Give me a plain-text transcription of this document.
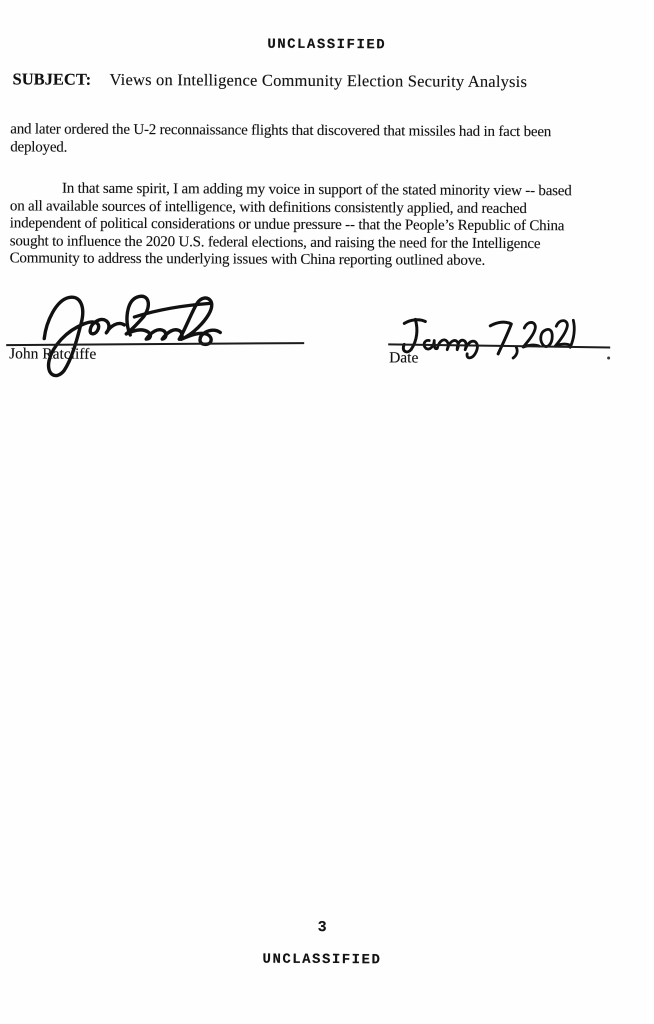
UNCLASSIFIED
SUBJECT: Views on Intelligence Community Election Security Analysis
and later ordered the U-2 reconnaissance flights that discovered that missiles had in fact been
deployed.
In that same spirit, I am adding my voice in support of the stated minority view -- based
on all available sources of intelligence, with definitions consistently applied, and reached
independent of political considerations or undue pressure -- that the People’s Republic of China
sought to influence the 2020 U.S. federal elections, and raising the need for the Intelligence
Community to address the underlying issues with China reporting outlined above.
John Ratcliffe	Date
3
UNCLASSIFIED
